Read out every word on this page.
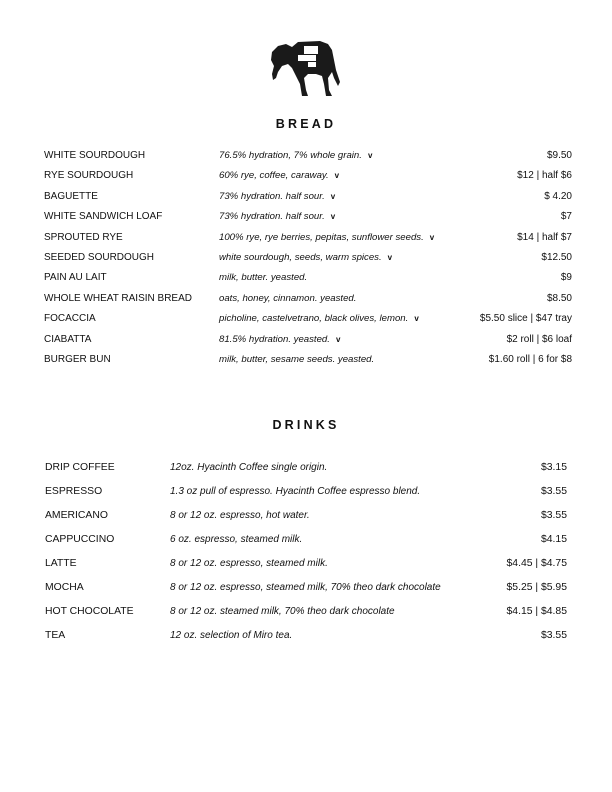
BREAD
WHITE SOURDOUGH	76.5% hydration, 7% whole grain. v	$9.50
RYE SOURDOUGH	60% rye, coffee, caraway. v	$12 | half $6
BAGUETTE	73% hydration. half sour. v	$ 4.20
WHITE SANDWICH LOAF	73% hydration. half sour. v	$7
SPROUTED RYE	100% rye, rye berries, pepitas, sunflower seeds. v	$14 | half $7
SEEDED SOURDOUGH	white sourdough, seeds, warm spices. v	$12.50
PAIN AU LAIT	milk, butter. yeasted.	$9
WHOLE WHEAT RAISIN BREAD	oats, honey, cinnamon. yeasted.	$8.50
FOCACCIA	picholine, castelvetrano, black olives, lemon. v	$5.50 slice | $47 tray
CIABATTA	81.5% hydration. yeasted. v	$2 roll | $6 loaf
BURGER BUN	milk, butter, sesame seeds. yeasted.	$1.60 roll | 6 for $8
DRINKS
DRIP COFFEE	12oz. Hyacinth Coffee single origin.	$3.15
ESPRESSO	1.3 oz pull of espresso. Hyacinth Coffee espresso blend.	$3.55
AMERICANO	8 or 12 oz. espresso, hot water.	$3.55
CAPPUCCINO	6 oz. espresso, steamed milk.	$4.15
LATTE	8 or 12 oz. espresso, steamed milk.	$4.45 | $4.75
MOCHA	8 or 12 oz. espresso, steamed milk, 70% theo dark chocolate	$5.25 | $5.95
HOT CHOCOLATE	8 or 12 oz. steamed milk, 70% theo dark chocolate	$4.15 | $4.85
TEA	12 oz. selection of Miro tea.	$3.55
